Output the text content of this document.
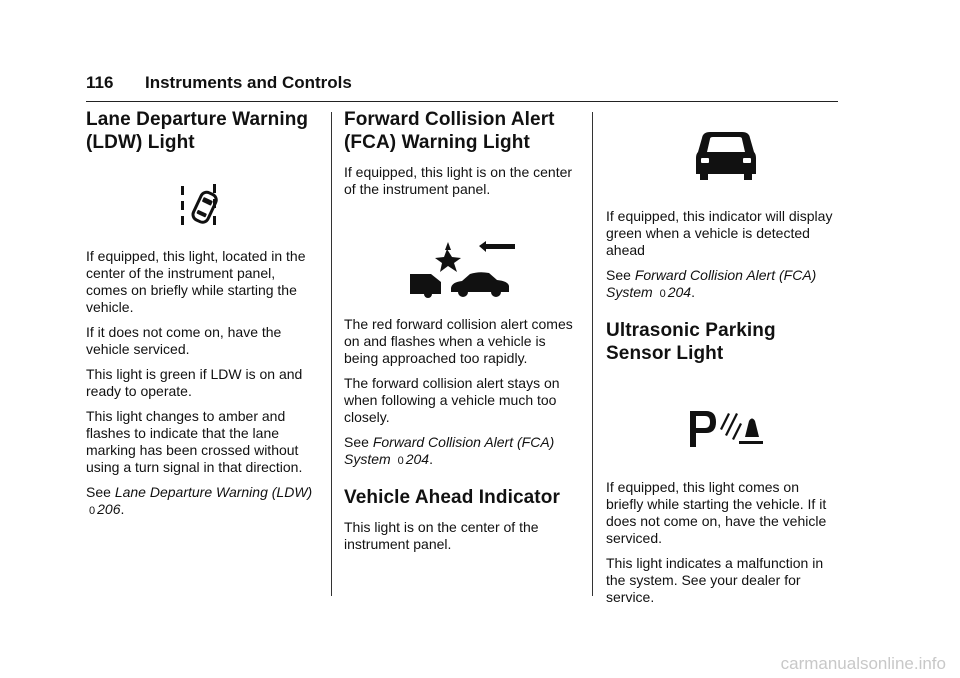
116 Instruments and Controls
Lane Departure Warning
(LDW) Light

If equipped, this light, located in the center of the instrument panel, comes on briefly while starting the vehicle.

If it does not come on, have the vehicle serviced.

This light is green if LDW is on and ready to operate.

This light changes to amber and flashes to indicate that the lane marking has been crossed without using a turn signal in that direction.

See Lane Departure Warning (LDW) 0 206.

Forward Collision Alert
(FCA) Warning Light

If equipped, this light is on the center of the instrument panel.

The red forward collision alert comes on and flashes when a vehicle is being approached too rapidly.

The forward collision alert stays on when following a vehicle much too closely.

See Forward Collision Alert (FCA) System 0 204.

Vehicle Ahead Indicator

This light is on the center of the instrument panel.

If equipped, this indicator will display green when a vehicle is detected ahead

See Forward Collision Alert (FCA) System 0 204.

Ultrasonic Parking
Sensor Light

If equipped, this light comes on briefly while starting the vehicle. If it does not come on, have the vehicle serviced.

This light indicates a malfunction in the system. See your dealer for service.

carmanualsonline.info
